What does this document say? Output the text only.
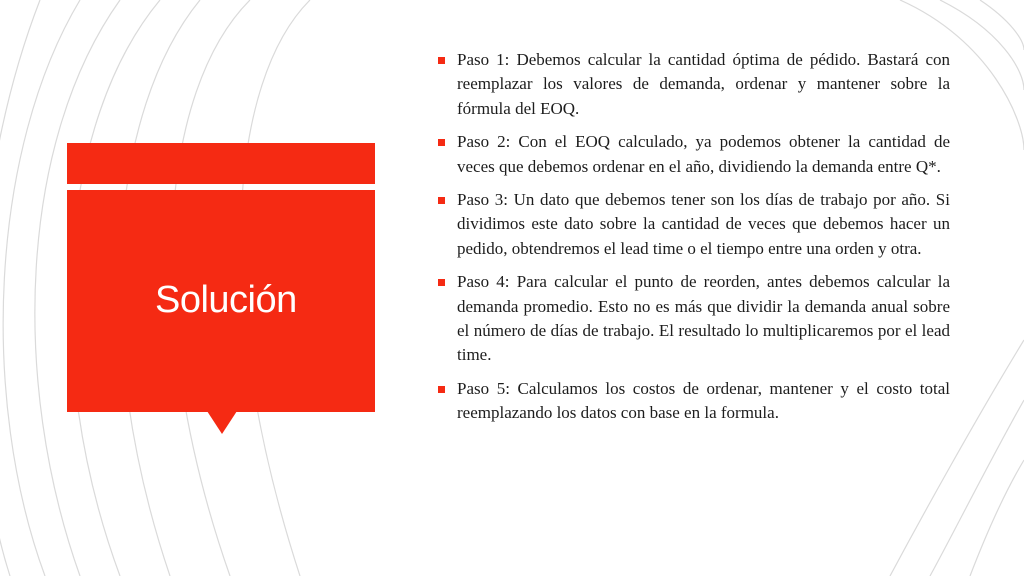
Solución
Paso 1: Debemos calcular la cantidad óptima de pédido. Bastará con reemplazar los valores de demanda, ordenar y mantener sobre la fórmula del EOQ.
Paso 2: Con el EOQ calculado, ya podemos obtener la cantidad de veces que debemos ordenar en el año, dividiendo la demanda entre Q*.
Paso 3: Un dato que debemos tener son los días de trabajo por año. Si dividimos este dato sobre la cantidad de veces que debemos hacer un pedido, obtendremos el lead time o el tiempo entre una orden y otra.
Paso 4: Para calcular el punto de reorden, antes debemos calcular la demanda promedio. Esto no es más que dividir la demanda anual sobre el número de días de trabajo. El resultado lo multiplicaremos por el lead time.
Paso 5: Calculamos los costos de ordenar, mantener y el costo total reemplazando los datos con base en la formula.
